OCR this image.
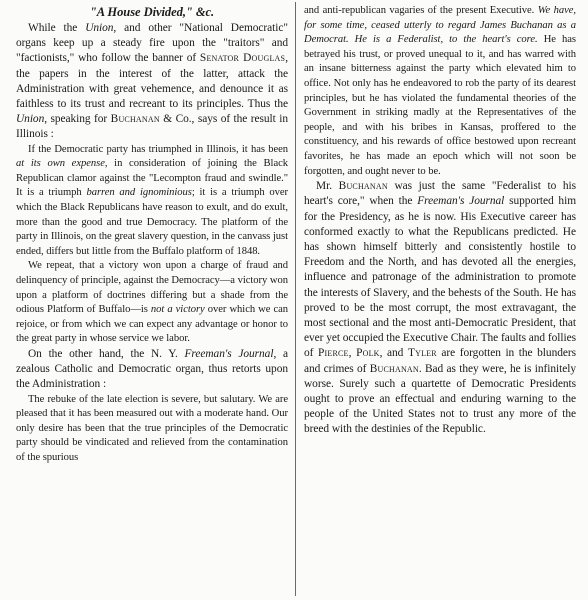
"A House Divided," &c.

While the Union, and other "National Democratic" organs keep up a steady fire upon the "traitors" and "factionists," who follow the banner of Senator Douglas, the papers in the interest of the latter, attack the Administration with great vehemence, and denounce it as faithless to its trust and recreant to its principles. Thus the Union, speaking for Buchanan & Co., says of the result in Illinois :

If the Democratic party has triumphed in Illinois, it has been at its own expense, in consideration of joining the Black Republican clamor against the "Lecompton fraud and swindle." It is a triumph barren and ignominious; it is a triumph over which the Black Republicans have reason to exult, and do exult, more than the good and true Democracy. The platform of the party in Illinois, on the great slavery question, in the canvass just ended, differs but little from the Buffalo platform of 1848.

We repeat, that a victory won upon a charge of fraud and delinquency of principle, against the Democracy—a victory won upon a platform of doctrines differing but a shade from the odious Platform of Buffalo—is not a victory over which we can rejoice, or from which we can expect any advantage or honor to the great party in whose service we labor.

On the other hand, the N. Y. Freeman's Journal, a zealous Catholic and Democratic organ, thus retorts upon the Administration :

The rebuke of the late election is severe, but salutary. We are pleased that it has been measured out with a moderate hand. Our only desire has been that the true principles of the Democratic party should be vindicated and relieved from the contamination of the spurious

and anti-republican vagaries of the present Executive. We have, for some time, ceased utterly to regard James Buchanan as a Democrat. He is a Federalist, to the heart's core. He has betrayed his trust, or proved unequal to it, and has warred with an insane bitterness against the party which elevated him to office. Not only has he endeavored to rob the party of its dearest principles, but he has violated the fundamental theories of the Government in striking madly at the Representatives of the people, and with his bribes in Kansas, proffered to the constituency, and his rewards of office bestowed upon recreant favorites, he has made an epoch which will not soon be forgotten, and ought never to be.

Mr. Buchanan was just the same "Federalist to his heart's core," when the Freeman's Journal supported him for the Presidency, as he is now. His Executive career has conformed exactly to what the Republicans predicted. He has shown himself bitterly and consistently hostile to Freedom and the North, and has devoted all the energies, influence and patronage of the administration to promote the interests of Slavery, and the behests of the South. He has proved to be the most corrupt, the most extravagant, the most sectional and the most anti-Democratic President, that ever yet occupied the Executive Chair. The faults and follies of Pierce, Polk, and Tyler are forgotten in the blunders and crimes of Buchanan. Bad as they were, he is infinitely worse. Surely such a quartette of Democratic Presidents ought to prove an effectual and enduring warning to the people of the United States not to trust any more of the breed with the destinies of the Republic.
